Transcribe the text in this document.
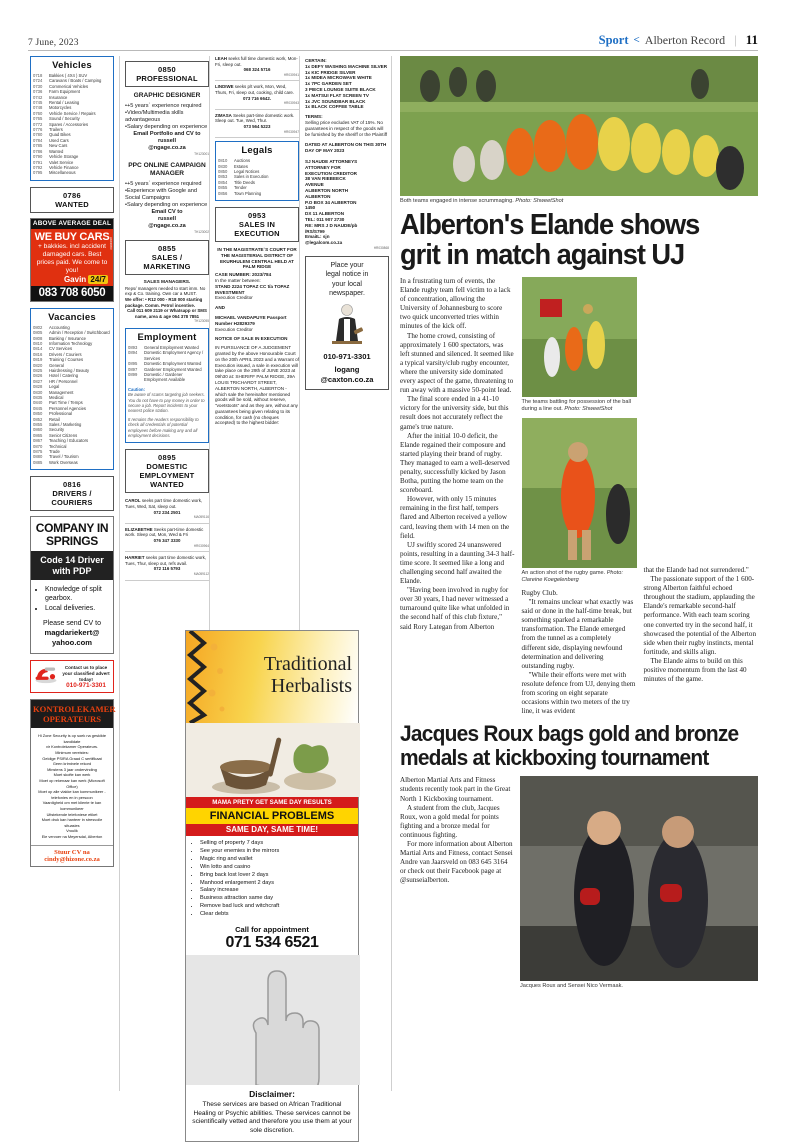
7 June, 2023	Sport < Alberton Record | 11
Vehicles
0718	Bakkies ( 4X4 ) SUV
0724	Caravans / Boats / Camping
0730	Commerical Vehicles
0736	Farm Equipment
0742	Insurance
0745	Rental / Leasing
0748	Motorcycles
0760	Vehicle Service / Repairs
0765	Sound / Security
0772	Spares / Accessories
0776	Trailers
0780	Quad Bikes
0784	Used Cars
0785	New Cars
0786	Wanted
0790	Vehicle Storage
0791	Valet Service
0792	Vehicle Finance
0795	Miscellaneous
0786
WANTED
ABOVE AVERAGE DEAL
HR030950
WE BUY CARS
+ bakkies. incl accident damaged cars. Best prices paid. We come to you!
Gavin 24/7
083 708 6050
Vacancies
0802	Accounting
0805	Admin / Reception / Switchboard
0808	Banking / Insurance
0810	Information Technology
0814	CV Services
0816	Drivers / Couriers
0819	Training / Courses
0820	General
0825	Hairdressing / Beauty
0826	Hotel / Catering
0827	HR / Personnel
0828	Legal
0830	Management
0835	Medical
0840	Part Time / Temps
0845	Personnel Agencies
0850	Professional
0852	Retail
0855	Sales / Marketing
0860	Security
0865	Senior Citizens
0867	Teaching / Educators
0870	Technical
0875	Trade
0880	Travel / Tourism
0885	Work Overseas
0816
DRIVERS / COURIERS
COMPANY IN SPRINGS
Code 14 Driver with PDP
• Knowledge of split gearbox.
• Local deliveries.
Please send CV to
magdariekert@ yahoo.com
Contact us to place your classified advert today!
010-971-3301
KONTROLEKAMER OPERATEURS
Hi Zone Security is op soek na geskikte kandidate
vir Kontrolekamer Operateurs.
Minimum vereistes:
Geldige PSIRA Graad C sertifikaat
Geen kriminele rekord
Minstens 3 jaar ondervinding
Moet skofte kan werk
Moet op rekenaar kan werk (Microsoft Office)
Moet op alle vlakke kan kommunikeer - telefonies en in persoon
Vaardigheid om met kliente te kan kommunikeer
Uitstekende telefoniese etiket
Moet druk kan hanteer in stresvolle situasies
Vroulik
Eie vervoer na Meyersdal, Alberton
Stuur CV na cindy@hizone.co.za
0850
PROFESSIONAL
GRAPHIC DESIGNER
•+5 years` experience required
•Video/Multimedia skills advantageous
•Salary depending on experience
Email Portfolio and CV to
russell
@ngage.co.za
TH123001
PPC ONLINE CAMPAIGN MANAGER
•+5 years` experience required
•Experience with Google and Social Campaigns
•Salary depending on experience
Email CV to
russell
@ngage.co.za
TH123002
0855
SALES / MARKETING
SALES MANAGERS.
Reps/ managers needed to start imm. No exp & Co. training. Own car a MUST.
We offer: • R12 000 - R18 000 starting package. Comm. Petrol incentive.
Call 011 609 2119 or Whatsapp or SMS name, area & age 064 378 7851
TH123055
Employment
0893	General Employment Wanted
0894	Domestic Employment Agency / Services
0895	Domestic Employment Wanted
0897	Gardener Employment Wanted
0899	Domestic / Gardener Employment Available
Caution:
Be aware of scams targeting job seekers. You do not have to pay money in order to secure a job. Report incidents to your nearest police station.
It remains the readers responsibility to check all credentials of potential employees before making any and all employment decisions.
0895
DOMESTIC EMPLOYMENT WANTED
CAROL seeks part time domestic work, Tues, Wed, Sat, sleep out.
072 234 2501
MA059116
ELIZABETHE Seeks part-time domestic work. Sleep out, Mon, Wed & Fri
076 347 3330
HR030964
HARRIET seeks part time domestic work, Tues, Thur, sleep out, refs avail.
072 116 5793
MA059112
LEAH seeks full time domestic work, Mon-Fri, sleep out.
068 324 5716
HR030941
LINDIWE seeks p/t work, Mon, Wed, Thurs, Fri, sleep out, cooking, child care.
073 716 6642.
HR030943
ZIMASA Seeks part-time domestic work. Sleep out. Tue, Wed, Thur.
073 564 5223
HR030947
Legals
0810	Auctions
0830	Estates
0850	Legal Notices
0853	Sales in Execution
0854	Title Deeds
0855	Tender
0856	Town Planning
0953
SALES IN EXECUTION
IN THE MAGISTRATE`S COURT FOR THE MAGISTERIAL DISTRICT OF EKURHULENI CENTRAL HELD AT PALM RIDGE
CASE NUMBER: 2023/784
In the matter between:
STAND 2224 TOPAZ CC t/a TOPAZ INVESTMENT
Execution Creditor
AND
MICHAEL VANDAPUYE Passport Number H2829379
Execution Creditor
NOTICE OF SALE IN EXECUTION
IN PURSUANCE OF A JUDGEMENT granted by the above Honourable Court on the 20th APRIL 2023 and a Warrant of Execution issued, a sale in execution will take place on the 29th of JUNE 2023 at 09h30 at: SHERIFF PALM RIDGE, 39A LOUIS TRICHARDT STREET, ALBERTON NORTH, ALBERTON - which sale the hereinafter mentioned goods will be sold, without reserve, "voetstoots" and as they are, without any guarantees being given relating to its condition, for cash (no cheques accepted) to the highest bidder:
CERTAIN:
1x DEFY WASHING MACHINE SILVER
1x KIC FRIDGE SILVER
1x MIDEA MICROWAVE WHITE
1x 7PC GARDEN SET
3 PIECE LOUNGE SUITE BLACK
1x MATSUI FLAT SCREEN TV
1x JVC SOUNDBAR BLACK
1x BLACK COFFEE TABLE
TERMS:
Selling price excludes VAT of 15%. No guarantees in respect of the goods will be furnished by the sheriff or the Plaintiff
DATED AT ALBERTON ON THIS 30TH DAY OF MAY 2023
SJ NAUDE ATTORNEYS
ATTORNEY FOR
EXECUTION CREDITOR
38 VAN RIEBEECK
AVENUE
ALBERTON NORTH
ALBERTON
P.O BOX 34 ALBERTON
1450
DX 11 ALBERTON
TEL: 011 907 2730
RE: MRS J D NAUDE/pb
/RS/S799
EmaiIL: sjn
@legalcom.co.za
HR030868
Place your
legal notice in
your local
newspaper.
010-971-3301
logang
@caxton.co.za
Traditional
Herbalists
MAMA PRETY GET SAME DAY RESULTS
FINANCIAL PROBLEMS
SAME DAY, SAME TIME!
• Selling of property 7 days
• See your enemies in the mirrors
• Magic ring and wallet
• Win lotto and casino
• Bring back lost lover 2 days
• Manhood enlargement 2 days
• Salary increase
• Business attraction same day
• Remove bad luck and witchcraft
• Clear debts
Call for appointment
071 534 6521
Disclaimer:
These services are based on African Traditional Healing or Psychic abilities. These services cannot be scientifically vetted and therefore you use them at your sole discretion.
Both teams engaged in intense scrummaging. Photo: ShweetShot
Alberton's Elande shows grit in match against UJ

In a frustrating turn of events, the Elande rugby team fell victim to a lack of concentration, allowing the University of Johannesburg to score two quick unconverted tries within minutes of the kick off.

The home crowd, consisting of approximately 1 600 spectators, was left stunned and silenced. It seemed like a typical varsity/club rugby encounter, where the university side dominated every aspect of the game, threatening to run away with a massive 50-point lead.

The final score ended in a 41-10 victory for the university side, but this result does not accurately reflect the game's true nature.

After the initial 10-0 deficit, the Elande regained their composure and started playing their brand of rugby. They managed to earn a well-deserved penalty, successfully kicked by Jason Botha, putting the home team on the scoreboard.

However, with only 15 minutes remaining in the first half, tempers flared and Alberton received a yellow card, leaving them with 14 men on the field.

UJ swiftly scored 24 unanswered points, resulting in a daunting 34-3 half-time score. It seemed like a long and challenging second half awaited the Elande.

"Having been involved in rugby for over 30 years, I had never witnessed a turnaround quite like what unfolded in the second half of this club fixture," said Rory Lategan from Alberton

The teams battling for possession of the ball during a line out. Photo: ShweetShot
An action shot of the rugby game. Photo: Clareine Koegelenberg

Rugby Club.

"It remains unclear what exactly was said or done in the half-time break, but something sparked a remarkable transformation. The Elande emerged from the tunnel as a completely different side, displaying newfound determination and delivering outstanding rugby.

"While their efforts were met with resolute defence from UJ, denying them from scoring on eight separate occasions within two meters of the try line, it was evident

that the Elande had not surrendered."

The passionate support of the 1 600-strong Alberton faithful echoed throughout the stadium, applauding the Elande's remarkable second-half performance. With each team scoring one converted try in the second half, it showcased the potential of the Alberton side when their rugby instincts, mental fortitude, and skills align.

The Elande aims to build on this positive momentum from the last 40 minutes of the game.

Jacques Roux bags gold and bronze medals at kickboxing tournament

Alberton Martial Arts and Fitness students recently took part in the Great North 1 Kickboxing tournament.

A student from the club, Jacques Roux, won a gold medal for points fighting and a bronze medal for continuous fighting.

For more information about Alberton Martial Arts and Fitness, contact Sensei Andre van Jaarsveld on 083 645 3164 or check out their Facebook page at @sunseialberton.

Jacques Roux and Sensei Nico Vermaak.
